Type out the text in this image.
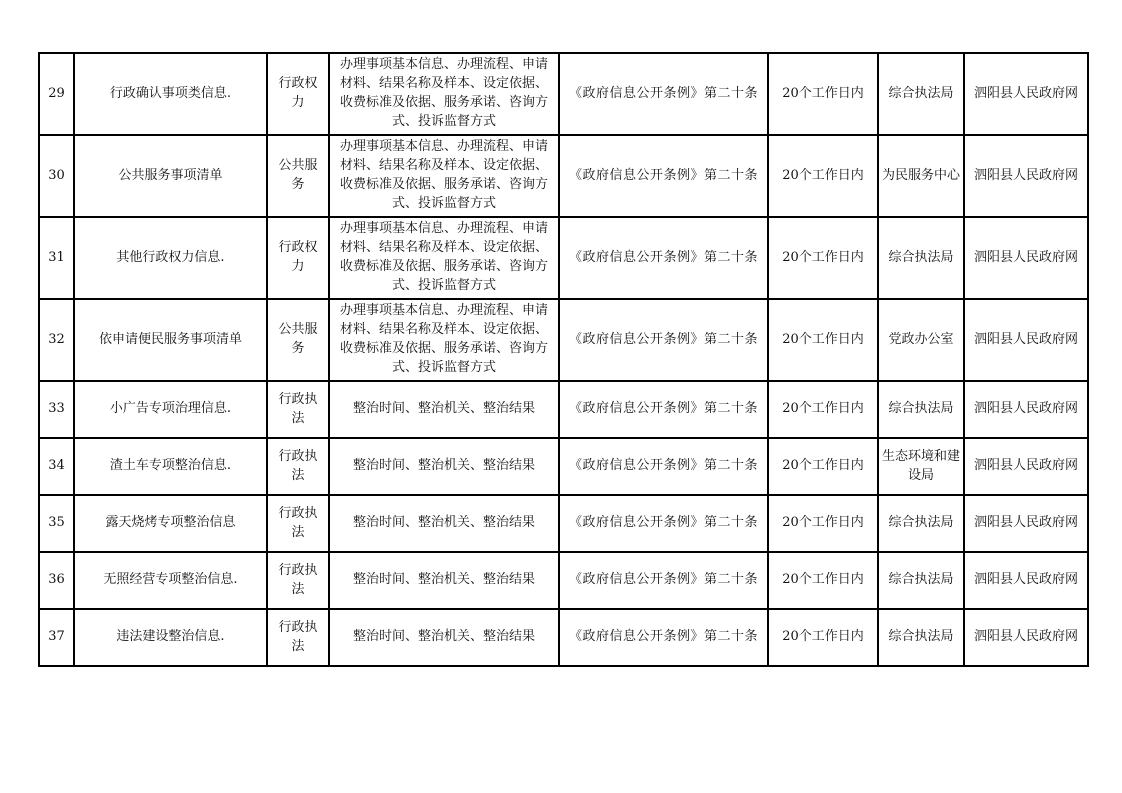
29	行政确认事项类信息.	行政权力	办理事项基本信息、办理流程、申请材料、结果名称及样本、设定依据、收费标准及依据、服务承诺、咨询方式、投诉监督方式	《政府信息公开条例》第二十条	20个工作日内	综合执法局	泗阳县人民政府网
30	公共服务事项清单	公共服务	办理事项基本信息、办理流程、申请材料、结果名称及样本、设定依据、收费标准及依据、服务承诺、咨询方式、投诉监督方式	《政府信息公开条例》第二十条	20个工作日内	为民服务中心	泗阳县人民政府网
31	其他行政权力信息.	行政权力	办理事项基本信息、办理流程、申请材料、结果名称及样本、设定依据、收费标准及依据、服务承诺、咨询方式、投诉监督方式	《政府信息公开条例》第二十条	20个工作日内	综合执法局	泗阳县人民政府网
32	依申请便民服务事项清单	公共服务	办理事项基本信息、办理流程、申请材料、结果名称及样本、设定依据、收费标准及依据、服务承诺、咨询方式、投诉监督方式	《政府信息公开条例》第二十条	20个工作日内	党政办公室	泗阳县人民政府网
33	小广告专项治理信息.	行政执法	整治时间、整治机关、整治结果	《政府信息公开条例》第二十条	20个工作日内	综合执法局	泗阳县人民政府网
34	渣土车专项整治信息.	行政执法	整治时间、整治机关、整治结果	《政府信息公开条例》第二十条	20个工作日内	生态环境和建设局	泗阳县人民政府网
35	露天烧烤专项整治信息	行政执法	整治时间、整治机关、整治结果	《政府信息公开条例》第二十条	20个工作日内	综合执法局	泗阳县人民政府网
36	无照经营专项整治信息.	行政执法	整治时间、整治机关、整治结果	《政府信息公开条例》第二十条	20个工作日内	综合执法局	泗阳县人民政府网
37	违法建设整治信息.	行政执法	整治时间、整治机关、整治结果	《政府信息公开条例》第二十条	20个工作日内	综合执法局	泗阳县人民政府网
